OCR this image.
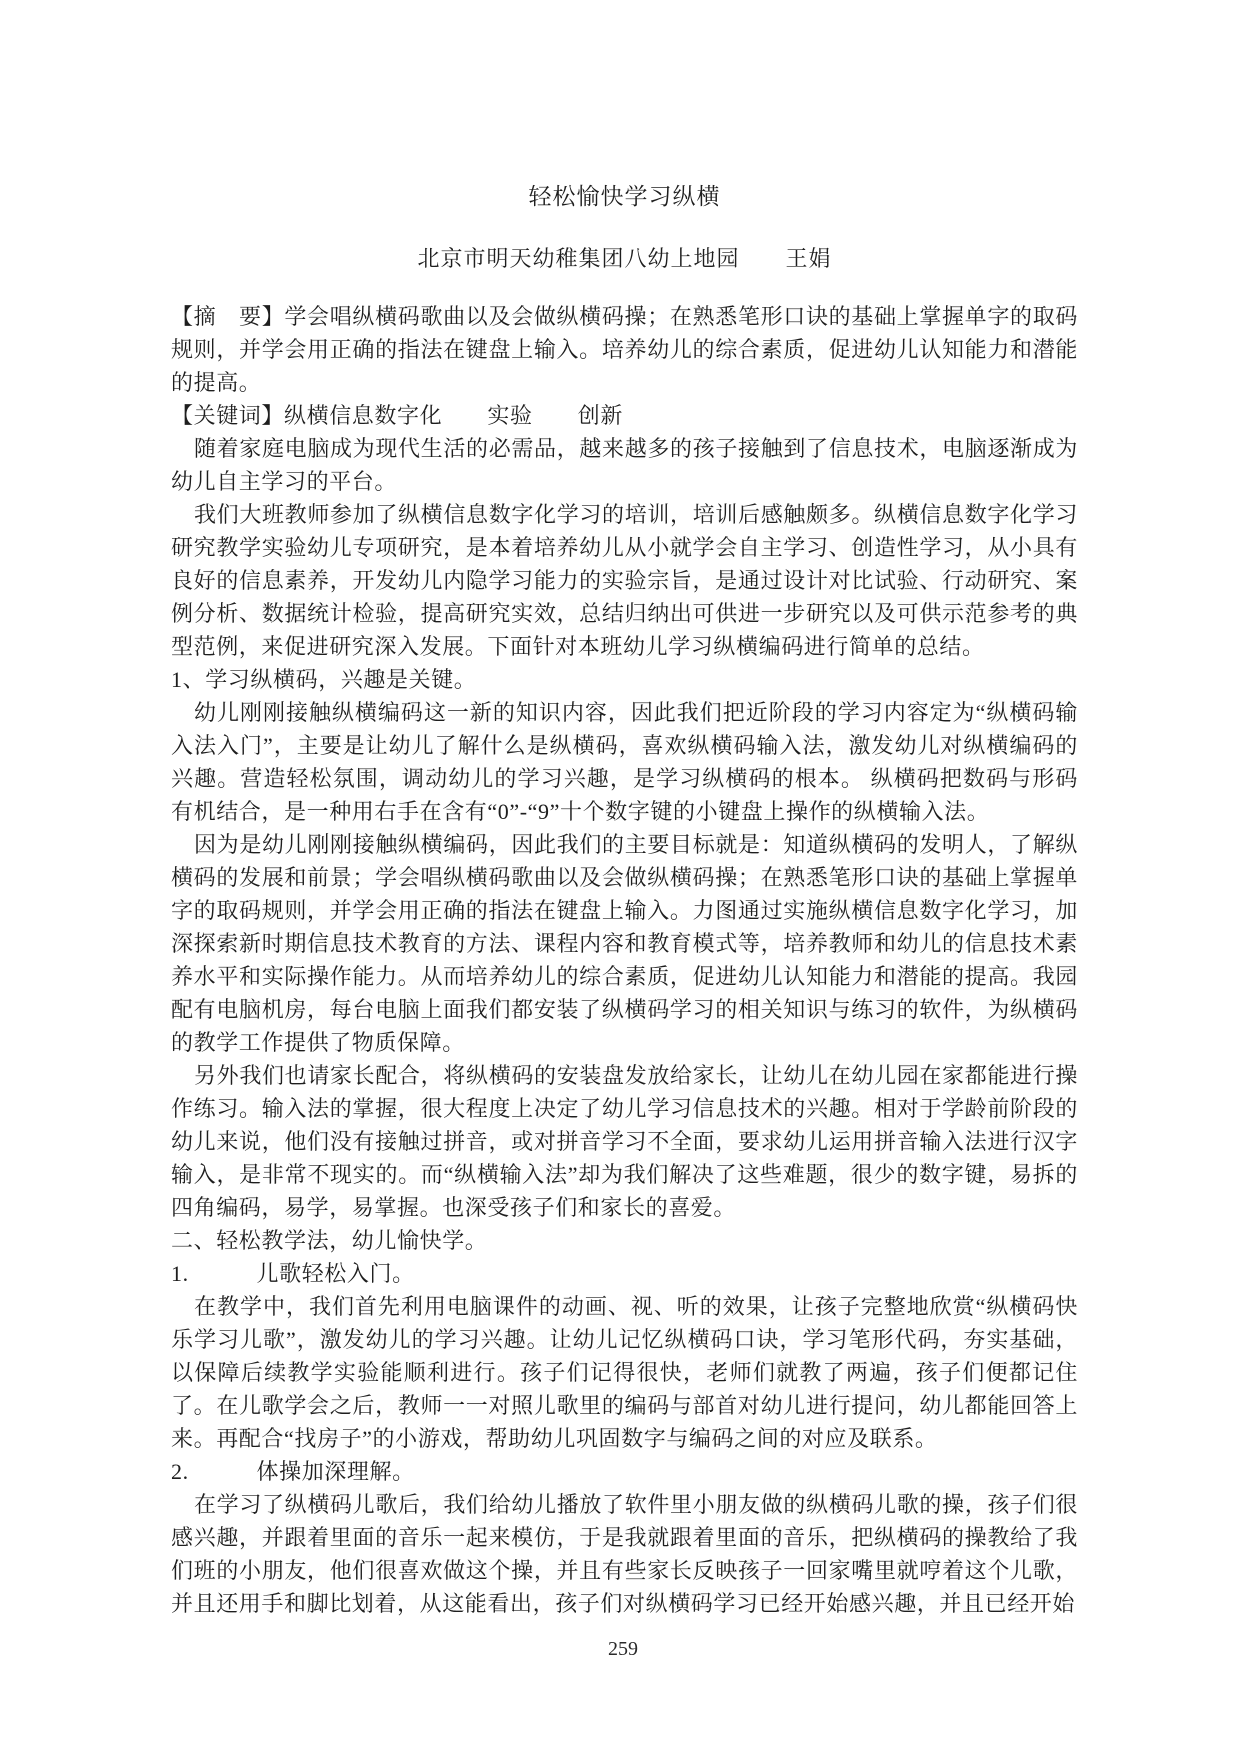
轻松愉快学习纵横
北京市明天幼稚集团八幼上地园　　王娟

【摘　要】学会唱纵横码歌曲以及会做纵横码操；在熟悉笔形口诀的基础上掌握单字的取码规则，并学会用正确的指法在键盘上输入。培养幼儿的综合素质，促进幼儿认知能力和潜能的提高。

【关键词】纵横信息数字化　　实验　　创新

随着家庭电脑成为现代生活的必需品，越来越多的孩子接触到了信息技术，电脑逐渐成为幼儿自主学习的平台。

我们大班教师参加了纵横信息数字化学习的培训，培训后感触颇多。纵横信息数字化学习研究教学实验幼儿专项研究，是本着培养幼儿从小就学会自主学习、创造性学习，从小具有良好的信息素养，开发幼儿内隐学习能力的实验宗旨，是通过设计对比试验、行动研究、案例分析、数据统计检验，提高研究实效，总结归纳出可供进一步研究以及可供示范参考的典型范例，来促进研究深入发展。下面针对本班幼儿学习纵横编码进行简单的总结。

1、学习纵横码，兴趣是关键。

幼儿刚刚接触纵横编码这一新的知识内容，因此我们把近阶段的学习内容定为“纵横码输入法入门”，主要是让幼儿了解什么是纵横码，喜欢纵横码输入法，激发幼儿对纵横编码的兴趣。营造轻松氛围，调动幼儿的学习兴趣，是学习纵横码的根本。 纵横码把数码与形码有机结合，是一种用右手在含有“0”-“9”十个数字键的小键盘上操作的纵横输入法。

因为是幼儿刚刚接触纵横编码，因此我们的主要目标就是：知道纵横码的发明人，了解纵横码的发展和前景；学会唱纵横码歌曲以及会做纵横码操；在熟悉笔形口诀的基础上掌握单字的取码规则，并学会用正确的指法在键盘上输入。力图通过实施纵横信息数字化学习，加深探索新时期信息技术教育的方法、课程内容和教育模式等，培养教师和幼儿的信息技术素养水平和实际操作能力。从而培养幼儿的综合素质，促进幼儿认知能力和潜能的提高。我园配有电脑机房，每台电脑上面我们都安装了纵横码学习的相关知识与练习的软件，为纵横码的教学工作提供了物质保障。

另外我们也请家长配合，将纵横码的安装盘发放给家长，让幼儿在幼儿园在家都能进行操作练习。输入法的掌握，很大程度上决定了幼儿学习信息技术的兴趣。相对于学龄前阶段的幼儿来说，他们没有接触过拼音，或对拼音学习不全面，要求幼儿运用拼音输入法进行汉字输入，是非常不现实的。而“纵横输入法”却为我们解决了这些难题，很少的数字键，易拆的四角编码，易学，易掌握。也深受孩子们和家长的喜爱。

二、轻松教学法，幼儿愉快学。

1.　　　儿歌轻松入门。

在教学中，我们首先利用电脑课件的动画、视、听的效果，让孩子完整地欣赏“纵横码快乐学习儿歌”，激发幼儿的学习兴趣。让幼儿记忆纵横码口诀，学习笔形代码，夯实基础，以保障后续教学实验能顺利进行。孩子们记得很快，老师们就教了两遍，孩子们便都记住了。在儿歌学会之后，教师一一对照儿歌里的编码与部首对幼儿进行提问，幼儿都能回答上来。再配合“找房子”的小游戏，帮助幼儿巩固数字与编码之间的对应及联系。

2.　　　体操加深理解。

在学习了纵横码儿歌后，我们给幼儿播放了软件里小朋友做的纵横码儿歌的操，孩子们很感兴趣，并跟着里面的音乐一起来模仿，于是我就跟着里面的音乐，把纵横码的操教给了我们班的小朋友，他们很喜欢做这个操，并且有些家长反映孩子一回家嘴里就哼着这个儿歌，并且还用手和脚比划着，从这能看出，孩子们对纵横码学习已经开始感兴趣，并且已经开始

259
